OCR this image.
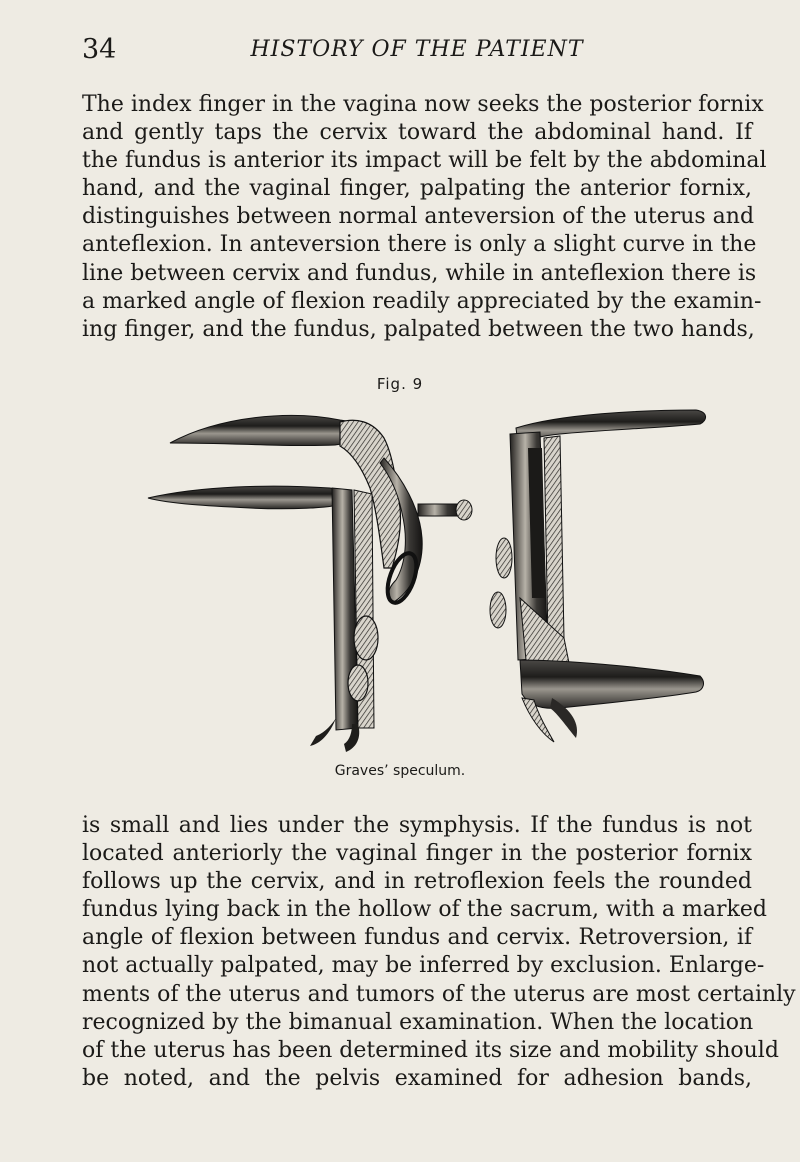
34	HISTORY OF THE PATIENT

The index finger in the vagina now seeks the posterior fornix
and gently taps the cervix toward the abdominal hand. If
the fundus is anterior its impact will be felt by the abdominal
hand, and the vaginal finger, palpating the anterior fornix,
distinguishes between normal anteversion of the uterus and
anteflexion. In anteversion there is only a slight curve in the
line between cervix and fundus, while in anteflexion there is
a marked angle of flexion readily appreciated by the examin-
ing finger, and the fundus, palpated between the two hands,

Fig. 9
Graves’ speculum.

is small and lies under the symphysis. If the fundus is not
located anteriorly the vaginal finger in the posterior fornix
follows up the cervix, and in retroflexion feels the rounded
fundus lying back in the hollow of the sacrum, with a marked
angle of flexion between fundus and cervix. Retroversion, if
not actually palpated, may be inferred by exclusion. Enlarge-
ments of the uterus and tumors of the uterus are most certainly
recognized by the bimanual examination. When the location
of the uterus has been determined its size and mobility should
be noted, and the pelvis examined for adhesion bands,
